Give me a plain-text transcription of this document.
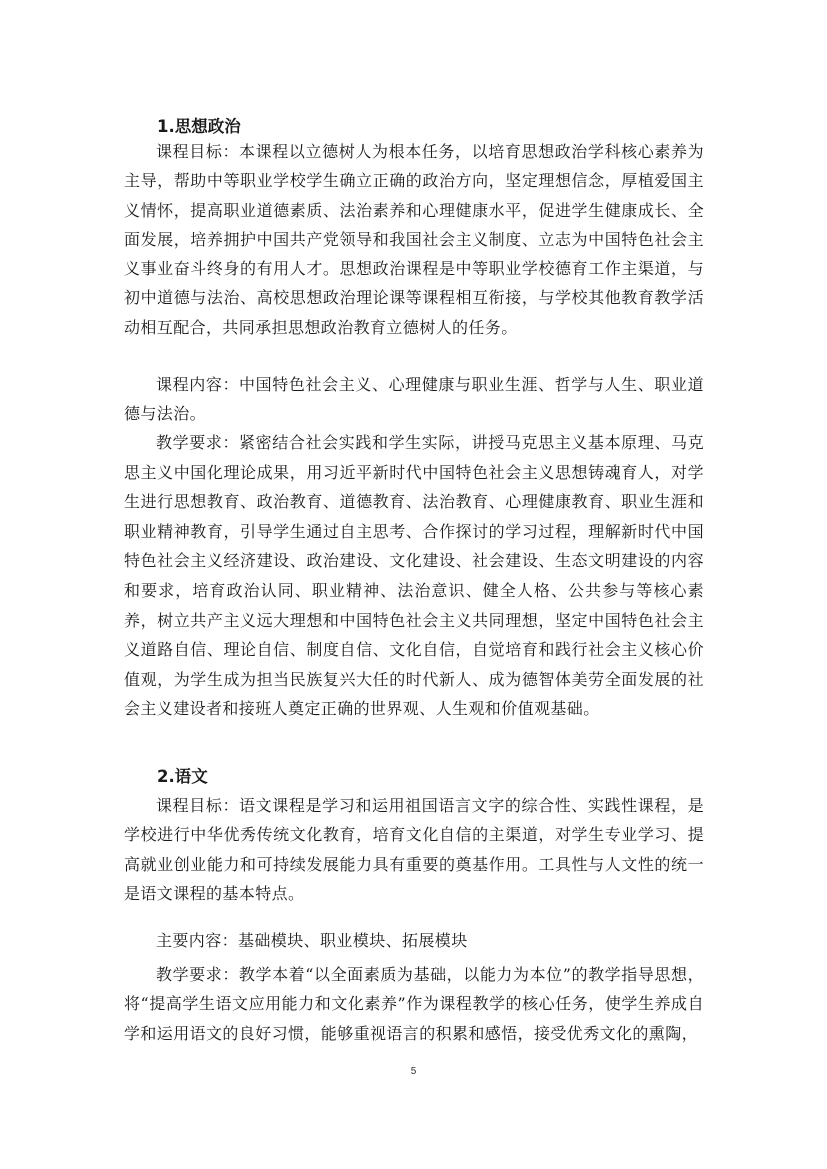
1.思想政治

课程目标：本课程以立德树人为根本任务，以培育思想政治学科核心素养为主导，帮助中等职业学校学生确立正确的政治方向，坚定理想信念，厚植爱国主义情怀，提高职业道德素质、法治素养和心理健康水平，促进学生健康成长、全面发展，培养拥护中国共产党领导和我国社会主义制度、立志为中国特色社会主义事业奋斗终身的有用人才。思想政治课程是中等职业学校德育工作主渠道，与初中道德与法治、高校思想政治理论课等课程相互衔接，与学校其他教育教学活动相互配合，共同承担思想政治教育立德树人的任务。

课程内容：中国特色社会主义、心理健康与职业生涯、哲学与人生、职业道德与法治。

教学要求：紧密结合社会实践和学生实际，讲授马克思主义基本原理、马克思主义中国化理论成果，用习近平新时代中国特色社会主义思想铸魂育人，对学生进行思想教育、政治教育、道德教育、法治教育、心理健康教育、职业生涯和职业精神教育，引导学生通过自主思考、合作探讨的学习过程，理解新时代中国特色社会主义经济建设、政治建设、文化建设、社会建设、生态文明建设的内容和要求，培育政治认同、职业精神、法治意识、健全人格、公共参与等核心素养，树立共产主义远大理想和中国特色社会主义共同理想，坚定中国特色社会主义道路自信、理论自信、制度自信、文化自信，自觉培育和践行社会主义核心价值观，为学生成为担当民族复兴大任的时代新人、成为德智体美劳全面发展的社会主义建设者和接班人奠定正确的世界观、人生观和价值观基础。

2.语文

课程目标：语文课程是学习和运用祖国语言文字的综合性、实践性课程，是学校进行中华优秀传统文化教育，培育文化自信的主渠道，对学生专业学习、提高就业创业能力和可持续发展能力具有重要的奠基作用。工具性与人文性的统一是语文课程的基本特点。

主要内容：基础模块、职业模块、拓展模块

教学要求：教学本着“以全面素质为基础，以能力为本位”的教学指导思想，将“提高学生语文应用能力和文化素养”作为课程教学的核心任务，使学生养成自学和运用语文的良好习惯，能够重视语言的积累和感悟，接受优秀文化的熏陶，

5
